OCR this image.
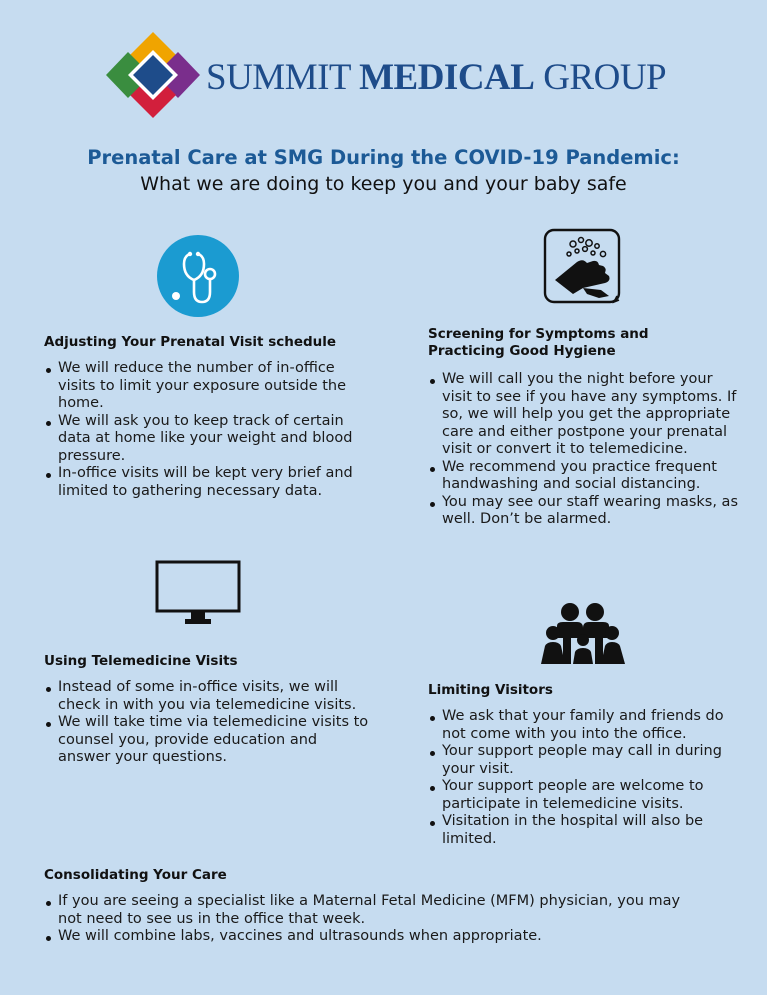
SUMMIT MEDICAL GROUP
Prenatal Care at SMG During the COVID-19 Pandemic:
What we are doing to keep you and your baby safe
Adjusting Your Prenatal Visit schedule
We will reduce the number of in-office visits to limit your exposure outside the home.
We will ask you to keep track of certain data at home like your weight and blood pressure.
In-office visits will be kept very brief and limited to gathering necessary data.
Screening for Symptoms and
Practicing Good Hygiene
We will call you the night before your visit to see if you have any symptoms. If so, we will help you get the appropriate care and either postpone your prenatal visit or convert it to telemedicine.
We recommend you practice frequent handwashing and social distancing.
You may see our staff wearing masks, as well. Don’t be alarmed.
Using Telemedicine Visits
Instead of some in-office visits, we will check in with you via telemedicine visits.
We will take time via telemedicine visits to counsel you, provide education and answer your questions.
Limiting Visitors
We ask that your family and friends do not come with you into the office.
Your support people may call in during your visit.
Your support people are welcome to participate in telemedicine visits.
Visitation in the hospital will also be limited.
Consolidating Your Care
If you are seeing a specialist like a Maternal Fetal Medicine (MFM) physician, you may not need to see us in the office that week.
We will combine labs, vaccines and ultrasounds when appropriate.
